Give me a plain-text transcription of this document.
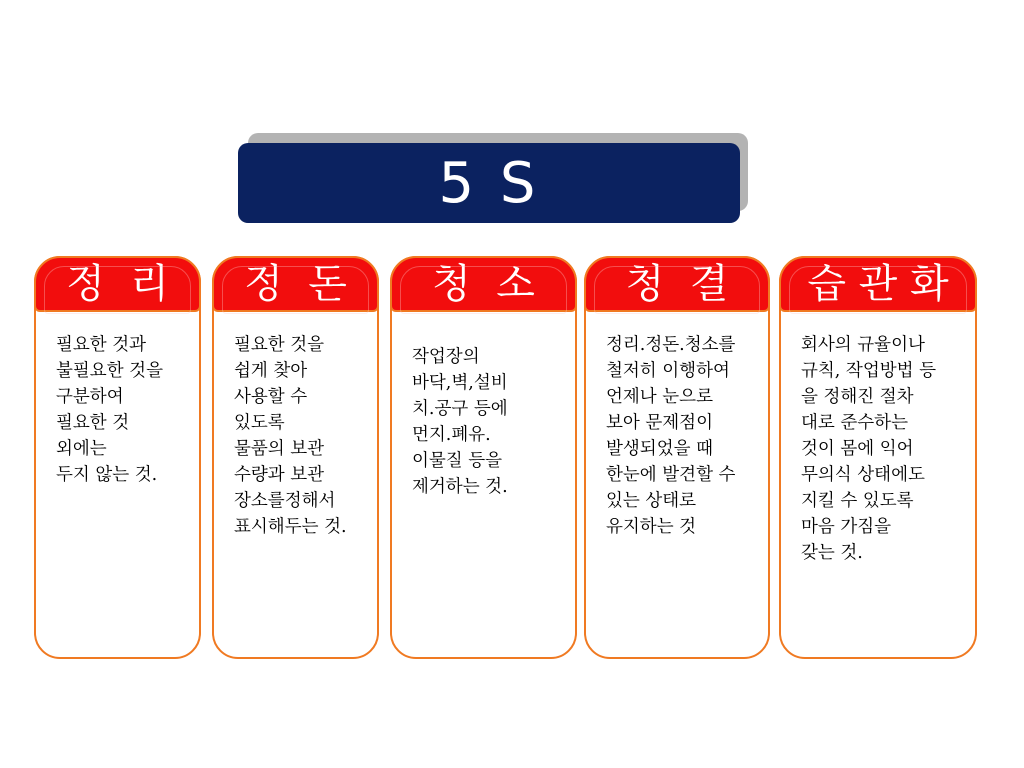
5 S
정  리
필요한 것과
불필요한 것을
구분하여
필요한 것
외에는
두지 않는 것.
정  돈
필요한 것을
쉽게 찾아
사용할 수
있도록
물품의 보관
수량과 보관
장소를정해서
표시해두는 것.
청  소
작업장의
바닥,벽,설비
치.공구 등에
먼지.폐유.
이물질 등을
제거하는 것.
청  결
정리.정돈.청소를
철저히 이행하여
언제나 눈으로
보아 문제점이
발생되었을 때
한눈에 발견할 수
있는 상태로
유지하는 것
습 관 화
회사의 규율이나
규칙, 작업방법 등
을 정해진 절차
대로 준수하는
것이 몸에 익어
무의식 상태에도
지킬 수 있도록
마음 가짐을
갖는 것.
